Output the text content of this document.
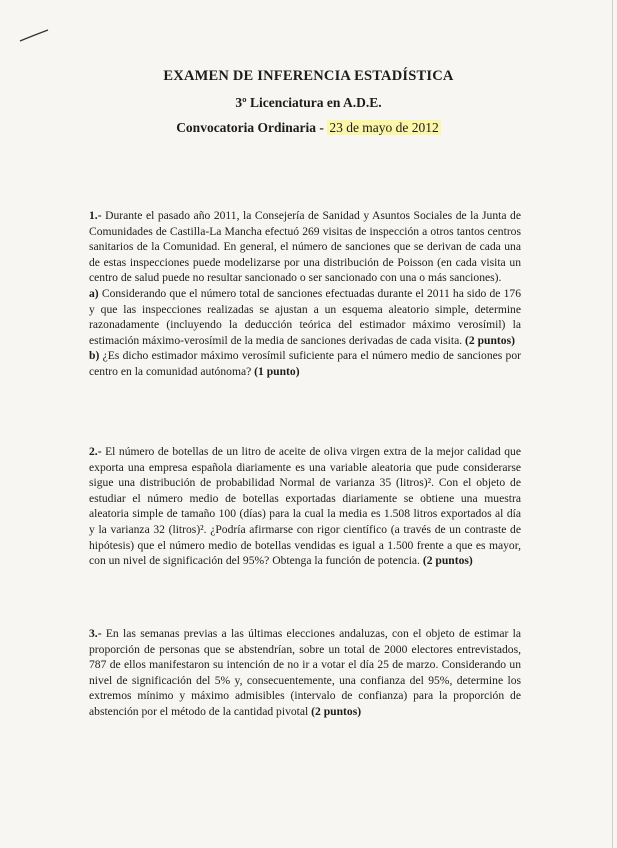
EXAMEN DE INFERENCIA ESTADÍSTICA

3º Licenciatura en A.D.E.

Convocatoria Ordinaria - 23 de mayo de 2012

1.- Durante el pasado año 2011, la Consejería de Sanidad y Asuntos Sociales de la Junta de Comunidades de Castilla-La Mancha efectuó 269 visitas de inspección a otros tantos centros sanitarios de la Comunidad. En general, el número de sanciones que se derivan de cada una de estas inspecciones puede modelizarse por una distribución de Poisson (en cada visita un centro de salud puede no resultar sancionado o ser sancionado con una o más sanciones).

a) Considerando que el número total de sanciones efectuadas durante el 2011 ha sido de 176 y que las inspecciones realizadas se ajustan a un esquema aleatorio simple, determine razonadamente (incluyendo la deducción teórica del estimador máximo verosímil) la estimación máximo-verosímil de la media de sanciones derivadas de cada visita. (2 puntos)

b) ¿Es dicho estimador máximo verosímil suficiente para el número medio de sanciones por centro en la comunidad autónoma? (1 punto)

2.- El número de botellas de un litro de aceite de oliva virgen extra de la mejor calidad que exporta una empresa española diariamente es una variable aleatoria que pude considerarse sigue una distribución de probabilidad Normal de varianza 35 (litros)². Con el objeto de estudiar el número medio de botellas exportadas diariamente se obtiene una muestra aleatoria simple de tamaño 100 (días) para la cual la media es 1.508 litros exportados al día y la varianza 32 (litros)². ¿Podría afirmarse con rigor científico (a través de un contraste de hipótesis) que el número medio de botellas vendidas es igual a 1.500 frente a que es mayor, con un nivel de significación del 95%? Obtenga la función de potencia. (2 puntos)

3.- En las semanas previas a las últimas elecciones andaluzas, con el objeto de estimar la proporción de personas que se abstendrían, sobre un total de 2000 electores entrevistados, 787 de ellos manifestaron su intención de no ir a votar el día 25 de marzo. Considerando un nivel de significación del 5% y, consecuentemente, una confianza del 95%, determine los extremos mínimo y máximo admisibles (intervalo de confianza) para la proporción de abstención por el método de la cantidad pivotal (2 puntos)
